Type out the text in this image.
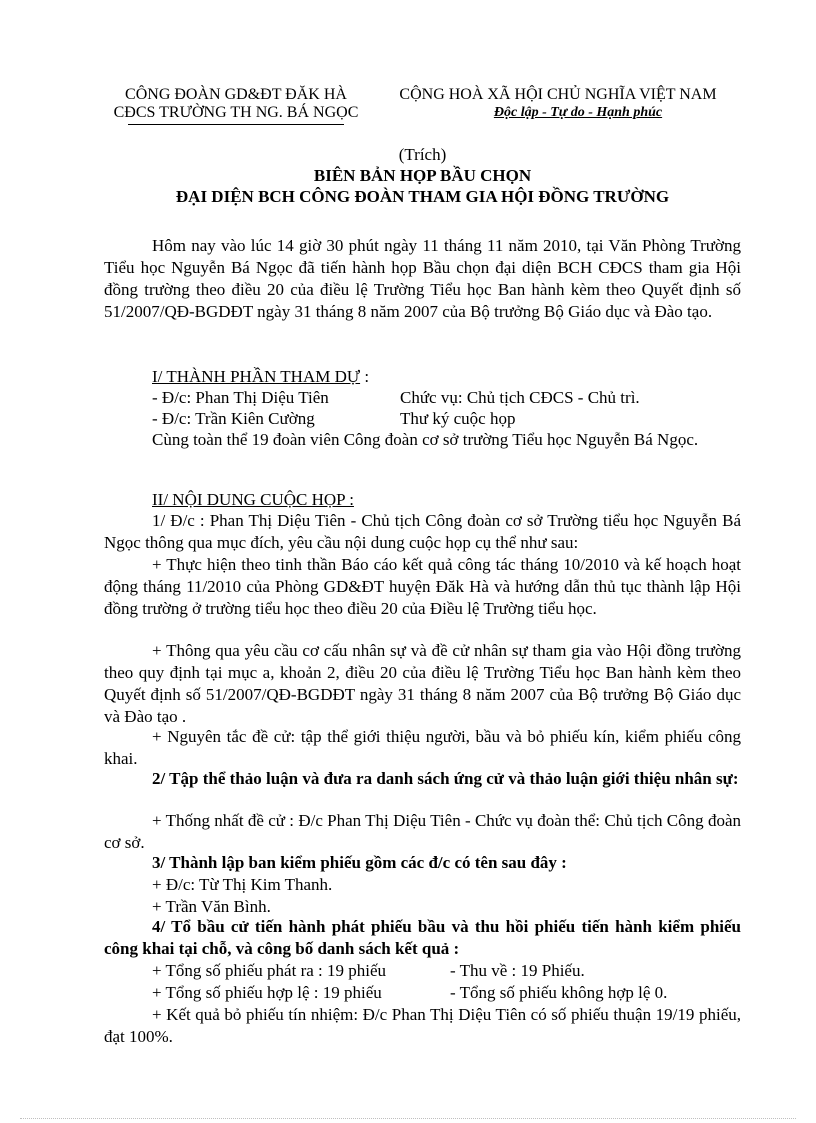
CÔNG ĐOÀN GD&ĐT ĐĂK HÀ
CĐCS TRƯỜNG TH NG. BÁ NGỌC
CỘNG HOÀ XÃ HỘI CHỦ NGHĨA VIỆT NAM
Độc lập - Tự do - Hạnh phúc
(Trích)
BIÊN BẢN HỌP BẦU CHỌN
ĐẠI DIỆN BCH CÔNG ĐOÀN THAM GIA HỘI ĐỒNG TRƯỜNG
Hôm nay vào lúc 14 giờ 30 phút ngày 11 tháng 11 năm 2010, tại Văn Phòng Trường Tiểu học Nguyễn Bá Ngọc đã tiến hành họp Bầu chọn đại diện BCH CĐCS tham gia Hội đồng trường theo điều 20 của điều lệ Trường Tiểu học Ban hành kèm theo Quyết định số 51/2007/QĐ-BGDĐT ngày 31 tháng 8 năm 2007 của Bộ trưởng Bộ Giáo dục và Đào tạo.
I/ THÀNH PHẦN THAM DỰ :
- Đ/c: Phan Thị Diệu Tiên	Chức vụ: Chủ tịch CĐCS - Chủ trì.
- Đ/c: Trần Kiên Cường	Thư ký cuộc họp
Cùng toàn thể 19 đoàn viên Công đoàn cơ sở trường Tiểu học Nguyễn Bá Ngọc.
II/ NỘI DUNG CUỘC HỌP :
1/ Đ/c : Phan Thị Diệu Tiên - Chủ tịch Công đoàn cơ sở Trường tiểu học Nguyễn Bá Ngọc thông qua mục đích, yêu cầu nội dung cuộc họp cụ thể như sau:
+ Thực hiện theo tinh thần Báo cáo kết quả công tác tháng 10/2010 và kế hoạch hoạt động tháng 11/2010 của Phòng GD&ĐT huyện Đăk Hà và hướng dẫn thủ tục thành lập Hội đồng trường ở trường tiểu học theo điều 20 của Điều lệ Trường tiểu học.
+ Thông qua yêu cầu cơ cấu nhân sự và đề cử nhân sự tham gia vào Hội đồng trường theo quy định tại mục a, khoản 2, điều 20 của điều lệ Trường Tiểu học Ban hành kèm theo Quyết định số 51/2007/QĐ-BGDĐT ngày 31 tháng 8 năm 2007 của Bộ trưởng Bộ Giáo dục và Đào tạo .
+ Nguyên tắc đề cử: tập thể giới thiệu người, bầu và bỏ phiếu kín, kiểm phiếu công khai.
2/ Tập thể thảo luận và đưa ra danh sách ứng cử và thảo luận giới thiệu nhân sự:
+ Thống nhất đề cử : Đ/c Phan Thị Diệu Tiên - Chức vụ đoàn thể: Chủ tịch Công đoàn cơ sở.
3/ Thành lập ban kiểm phiếu gồm các đ/c có tên sau đây :
+ Đ/c: Từ Thị Kim Thanh.
+ Trần Văn Bình.
4/ Tổ bầu cử tiến hành phát phiếu bầu và thu hồi phiếu tiến hành kiểm phiếu công khai tại chỗ, và công bố danh sách kết quả :
+ Tổng số phiếu phát ra : 19 phiếu	- Thu về : 19 Phiếu.
+ Tổng số phiếu hợp lệ : 19 phiếu	- Tổng số phiếu không hợp lệ 0.
+ Kết quả bỏ phiếu tín nhiệm: Đ/c Phan Thị Diệu Tiên có số phiếu thuận 19/19 phiếu, đạt 100%.
